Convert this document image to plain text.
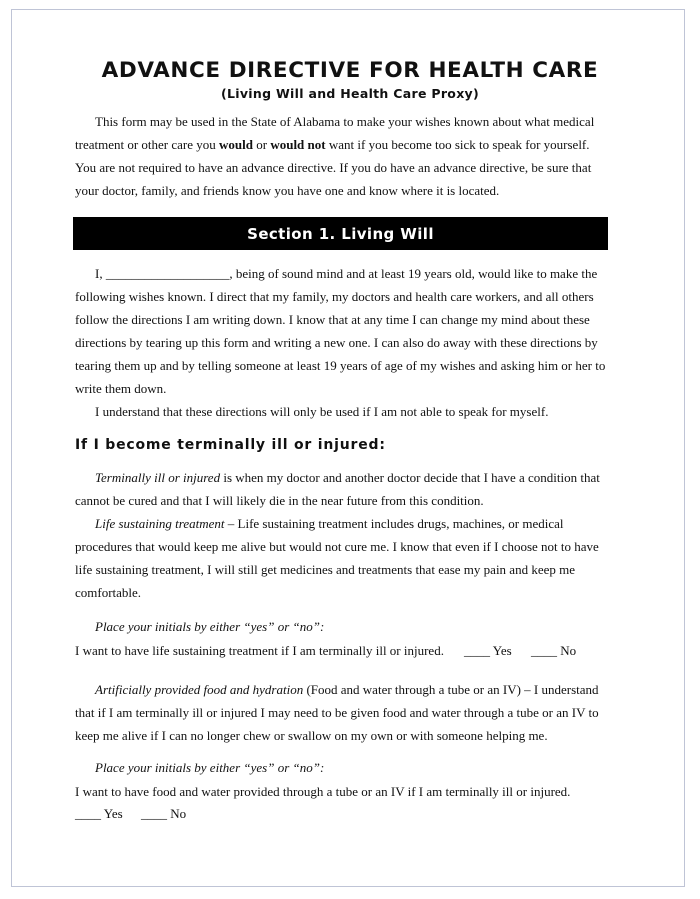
ADVANCE DIRECTIVE FOR HEALTH CARE
(Living Will and Health Care Proxy)
This form may be used in the State of Alabama to make your wishes known about what medical
treatment or other care you would or would not want if you become too sick to speak for yourself.
You are not required to have an advance directive. If you do have an advance directive, be sure that
your doctor, family, and friends know you have one and know where it is located.
Section 1. Living Will
I, ___________________, being of sound mind and at least 19 years old, would like to make the
following wishes known. I direct that my family, my doctors and health care workers, and all others
follow the directions I am writing down. I know that at any time I can change my mind about these
directions by tearing up this form and writing a new one. I can also do away with these directions by
tearing them up and by telling someone at least 19 years of age of my wishes and asking him or her to
write them down.
I understand that these directions will only be used if I am not able to speak for myself.
If I become terminally ill or injured:
Terminally ill or injured is when my doctor and another doctor decide that I have a condition that
cannot be cured and that I will likely die in the near future from this condition.
Life sustaining treatment – Life sustaining treatment includes drugs, machines, or medical
procedures that would keep me alive but would not cure me. I know that even if I choose not to have
life sustaining treatment, I will still get medicines and treatments that ease my pain and keep me
comfortable.
Place your initials by either “yes” or “no”:
I want to have life sustaining treatment if I am terminally ill or injured. ____ Yes ____ No
Artificially provided food and hydration (Food and water through a tube or an IV) – I understand
that if I am terminally ill or injured I may need to be given food and water through a tube or an IV to
keep me alive if I can no longer chew or swallow on my own or with someone helping me.
Place your initials by either “yes” or “no”:
I want to have food and water provided through a tube or an IV if I am terminally ill or injured.
____ Yes ____ No
